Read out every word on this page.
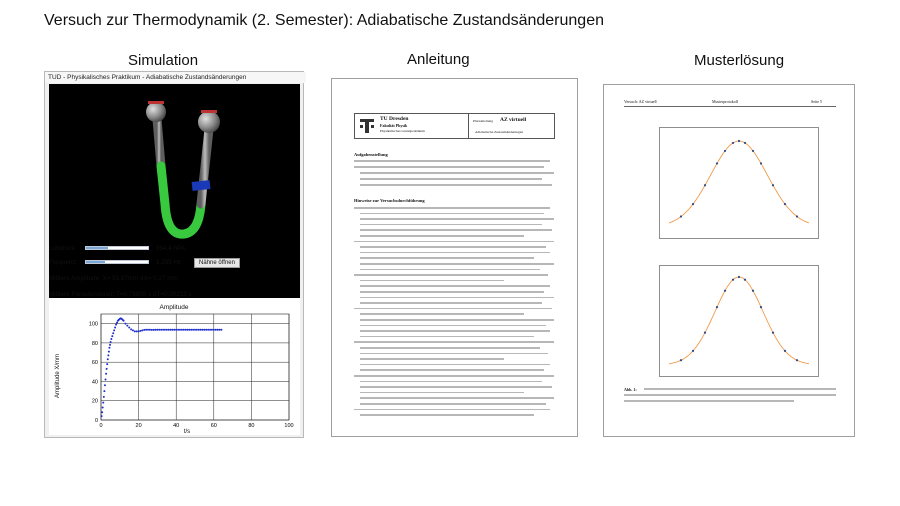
Versuch zur Thermodynamik (2. Semester): Adiabatische Zustandsänderungen
Simulation	Anleitung	Musterlösung
TUD - Physikalisches Praktikum - Adiabatische Zustandsänderungen
Luftdruck:	994.4 hPA
Frequenz:	1.255 Hz	Nähne öffnen
Mittlere Amplitude: X= 93.67mm dX= 0.27 mm
Mittlere Periodendauer: T=0.78855 s dT=0.00212 s
Amplitude
0
20
40
60
80
100
0	20	40	60	80	100
t/s
Amplitude X/mm
TU Dresden
Fakultät Physik
Physikalisches Grundpraktikum
Platzanleitung AZ virtuell
Adiabatische Zustandsänderungen
Aufgabenstellung
Hinweise zur Versuchsdurchführung
Versuch: AZ virtuell	Musterprotokoll	Seite 5
Abb. 1:
